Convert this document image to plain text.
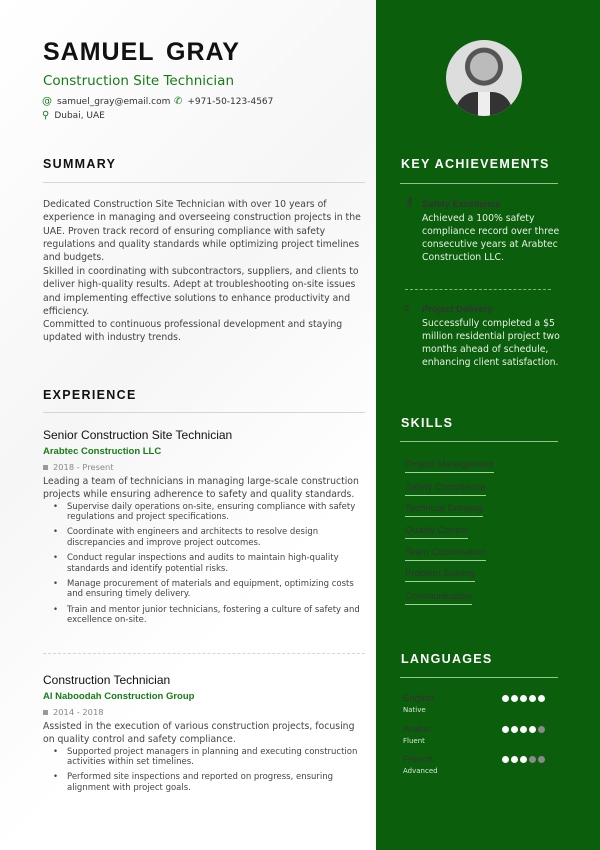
SAMUEL GRAY
Construction Site Technician
@ samuel_gray@email.com ✆ +971-50-123-4567
⚲ Dubai, UAE
SUMMARY
Dedicated Construction Site Technician with over 10 years of experience in managing and overseeing construction projects in the UAE. Proven track record of ensuring compliance with safety regulations and quality standards while optimizing project timelines and budgets.
Skilled in coordinating with subcontractors, suppliers, and clients to deliver high-quality results. Adept at troubleshooting on-site issues and implementing effective solutions to enhance productivity and efficiency.
Committed to continuous professional development and staying updated with industry trends.
EXPERIENCE
Senior Construction Site Technician
Arabtec Construction LLC
2018 - Present
Leading a team of technicians in managing large-scale construction projects while ensuring adherence to safety and quality standards.
• Supervise daily operations on-site, ensuring compliance with safety regulations and project specifications.
• Coordinate with engineers and architects to resolve design discrepancies and improve project outcomes.
• Conduct regular inspections and audits to maintain high-quality standards and identify potential risks.
• Manage procurement of materials and equipment, optimizing costs and ensuring timely delivery.
• Train and mentor junior technicians, fostering a culture of safety and excellence on-site.
Construction Technician
Al Naboodah Construction Group
2014 - 2018
Assisted in the execution of various construction projects, focusing on quality control and safety compliance.
• Supported project managers in planning and executing construction activities within set timelines.
• Performed site inspections and reported on progress, ensuring alignment with project goals.
KEY ACHIEVEMENTS
🏅︎ Safety Excellence
Achieved a 100% safety compliance record over three consecutive years at Arabtec Construction LLC.
⌂ Project Delivery
Successfully completed a $5 million residential project two months ahead of schedule, enhancing client satisfaction.
SKILLS
Project Management
Safety Compliance
Technical Drawing
Quality Control
Team Coordination
Problem Solving
Communication
LANGUAGES
English
Native
Arabic
Fluent
French
Advanced
